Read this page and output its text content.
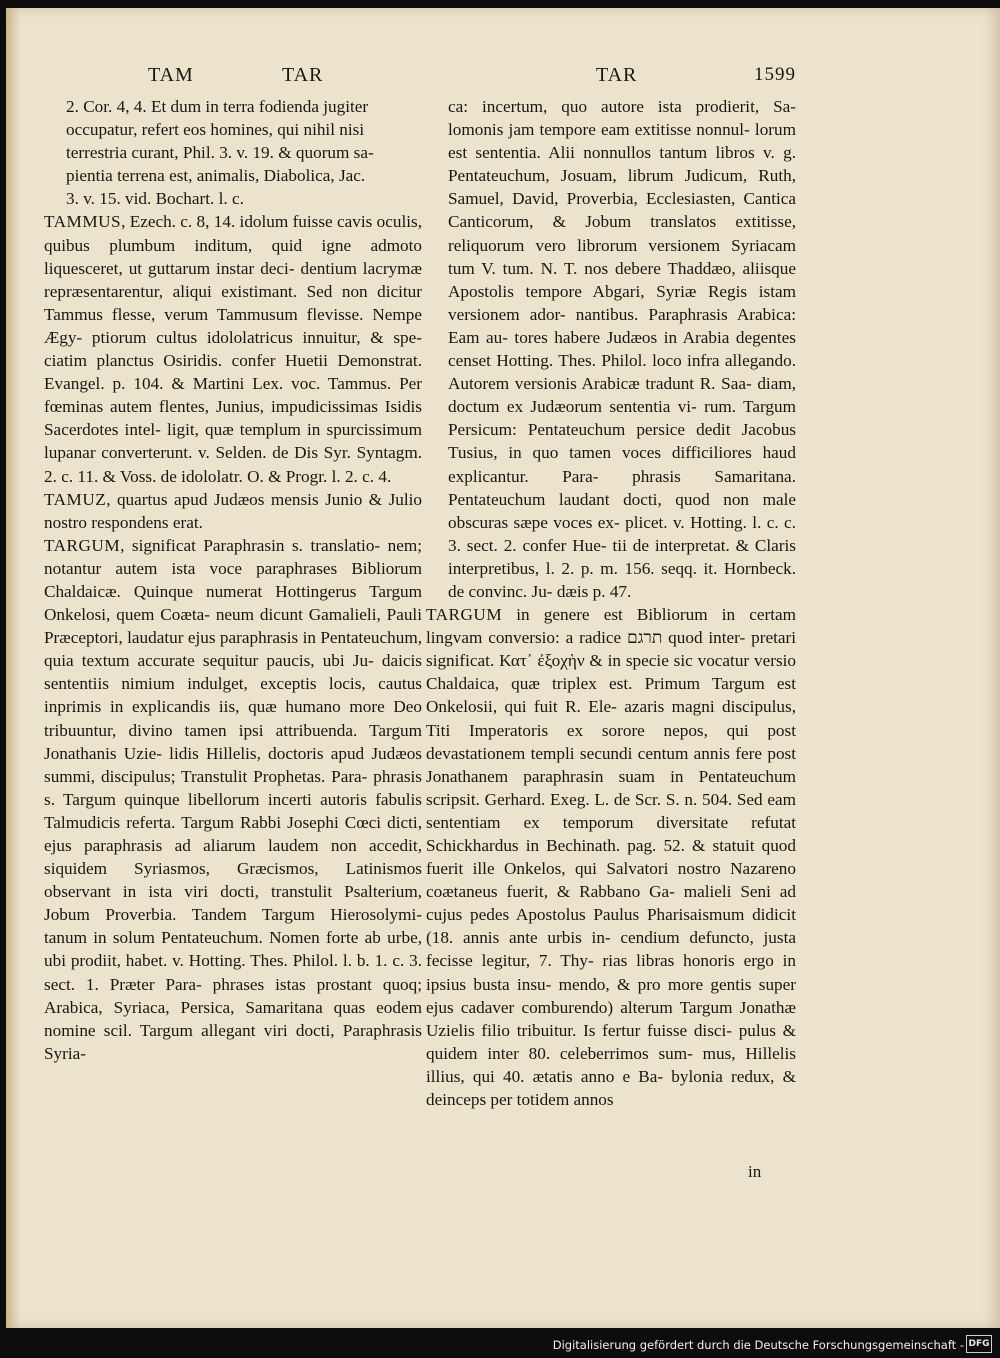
TAM	TAR	TAR	1599

2. Cor. 4, 4. Et dum in terra fodienda jugiter

occupatur, refert eos homines, qui nihil nisi

terrestria curant, Phil. 3. v. 19. & quorum sa-

pientia terrena est, animalis, Diabolica, Jac.

3. v. 15. vid. Bochart. l. c.

TAMMUS, Ezech. c. 8, 14. idolum fuisse cavis oculis, quibus plumbum inditum, quid igne admoto liquesceret, ut guttarum instar deci- dentium lacrymæ repræsentarentur, aliqui existimant. Sed non dicitur Tammus flesse, verum Tammusum flevisse. Nempe Ægy- ptiorum cultus idololatricus innuitur, & spe- ciatim planctus Osiridis. confer Huetii Demonstrat. Evangel. p. 104. & Martini Lex. voc. Tammus. Per fœminas autem flentes, Junius, impudicissimas Isidis Sacerdotes intel- ligit, quæ templum in spurcissimum lupanar converterunt. v. Selden. de Dis Syr. Syntagm. 2. c. 11. & Voss. de idololatr. O. & Progr. l. 2. c. 4.

TAMUZ, quartus apud Judæos mensis Junio & Julio nostro respondens erat.

TARGUM, significat Paraphrasin s. translatio- nem; notantur autem ista voce paraphrases Bibliorum Chaldaicæ. Quinque numerat Hottingerus Targum Onkelosi, quem Coæta- neum dicunt Gamalieli, Pauli Præceptori, laudatur ejus paraphrasis in Pentateuchum, quia textum accurate sequitur paucis, ubi Ju- daicis sententiis nimium indulget, exceptis locis, cautus inprimis in explicandis iis, quæ humano more Deo tribuuntur, divino tamen ipsi attribuenda. Targum Jonathanis Uzie- lidis Hillelis, doctoris apud Judæos summi, discipulus; Transtulit Prophetas. Para- phrasis s. Targum quinque libellorum incerti autoris fabulis Talmudicis referta. Targum Rabbi Josephi Cœci dicti, ejus paraphrasis ad aliarum laudem non accedit, siquidem Syriasmos, Græcismos, Latinismos observant in ista viri docti, transtulit Psalterium, Jobum Proverbia. Tandem Targum Hierosolymi- tanum in solum Pentateuchum. Nomen forte ab urbe, ubi prodiit, habet. v. Hotting. Thes. Philol. l. b. 1. c. 3. sect. 1. Præter Para- phrases istas prostant quoq; Arabica, Syriaca, Persica, Samaritana quas eodem nomine scil. Targum allegant viri docti, Paraphrasis Syria-

ca: incertum, quo autore ista prodierit, Sa- lomonis jam tempore eam extitisse nonnul- lorum est sententia. Alii nonnullos tantum libros v. g. Pentateuchum, Josuam, librum Judicum, Ruth, Samuel, David, Proverbia, Ecclesiasten, Cantica Canticorum, & Jobum translatos extitisse, reliquorum vero librorum versionem Syriacam tum V. tum. N. T. nos debere Thaddæo, aliisque Apostolis tempore Abgari, Syriæ Regis istam versionem ador- nantibus. Paraphrasis Arabica: Eam au- tores habere Judæos in Arabia degentes censet Hotting. Thes. Philol. loco infra allegando. Autorem versionis Arabicæ tradunt R. Saa- diam, doctum ex Judæorum sententia vi- rum. Targum Persicum: Pentateuchum persice dedit Jacobus Tusius, in quo tamen voces difficiliores haud explicantur. Para- phrasis Samaritana. Pentateuchum laudant docti, quod non male obscuras sæpe voces ex- plicet. v. Hotting. l. c. c. 3. sect. 2. confer Hue- tii de interpretat. & Claris interpretibus, l. 2. p. m. 156. seqq. it. Hornbeck. de convinc. Ju- dæis p. 47.

TARGUM in genere est Bibliorum in certam lingvam conversio: a radice תרגם quod inter- pretari significat. Κατ᾽ ἐξοχὴν & in specie sic vocatur versio Chaldaica, quæ triplex est. Primum Targum est Onkelosii, qui fuit R. Ele- azaris magni discipulus, Titi Imperatoris ex sorore nepos, qui post devastationem templi secundi centum annis fere post Jonathanem paraphrasin suam in Pentateuchum scripsit. Gerhard. Exeg. L. de Scr. S. n. 504. Sed eam sententiam ex temporum diversitate refutat Schickhardus in Bechinath. pag. 52. & statuit quod fuerit ille Onkelos, qui Salvatori nostro Nazareno coætaneus fuerit, & Rabbano Ga- malieli Seni ad cujus pedes Apostolus Paulus Pharisaismum didicit (18. annis ante urbis in- cendium defuncto, justa fecisse legitur, 7. Thy- rias libras honoris ergo in ipsius busta insu- mendo, & pro more gentis super ejus cadaver comburendo) alterum Targum Jonathæ Uzielis filio tribuitur. Is fertur fuisse disci- pulus & quidem inter 80. celeberrimos sum- mus, Hillelis illius, qui 40. ætatis anno e Ba- bylonia redux, & deinceps per totidem annos

in
Digitalisierung gefördert durch die Deutsche Forschungsgemeinschaft - DFG
